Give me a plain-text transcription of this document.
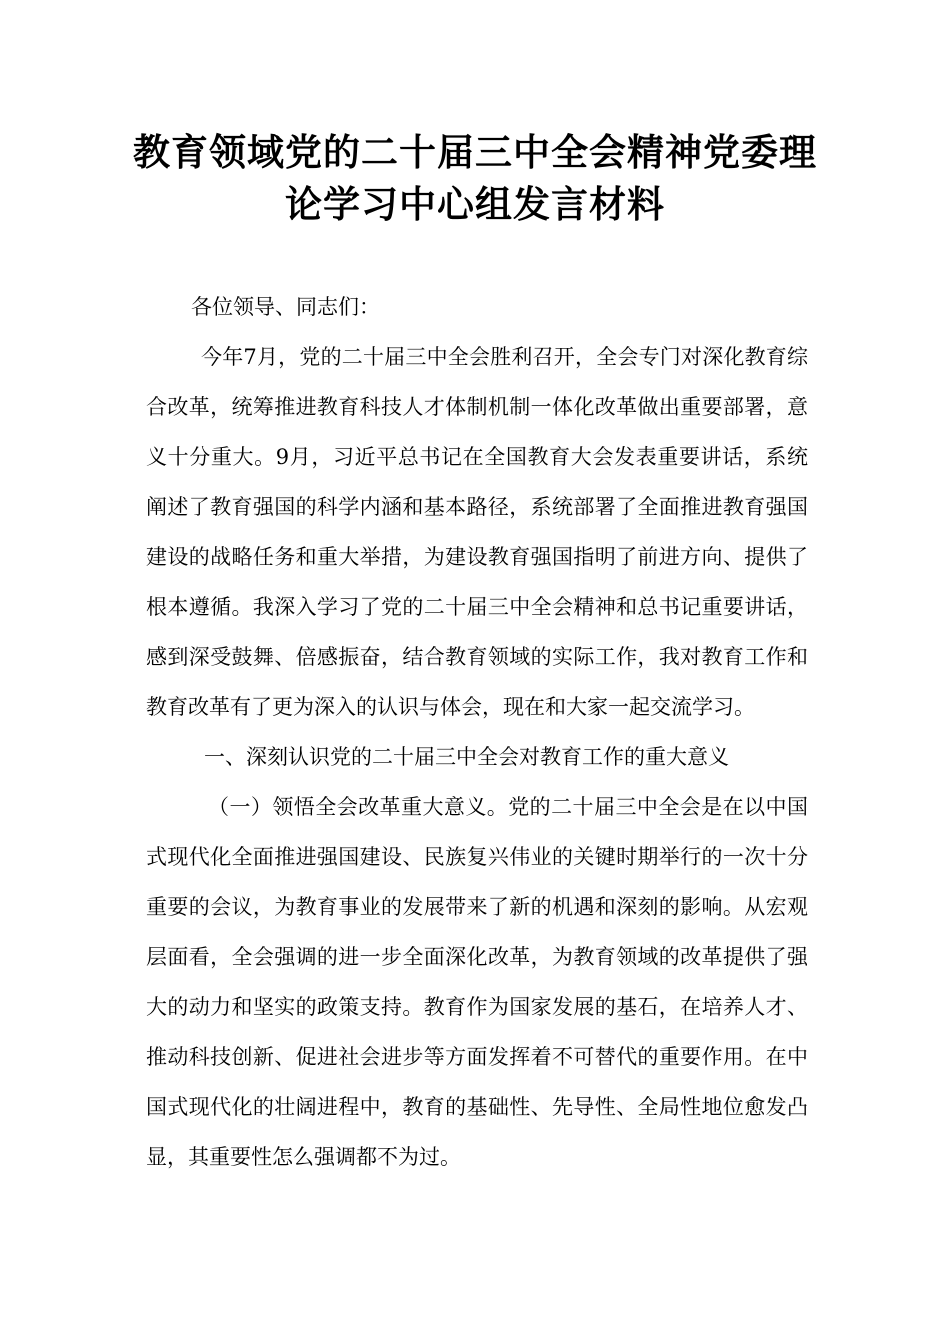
教育领域党的二十届三中全会精神党委理
论学习中心组发言材料

各位领导、同志们：

今年7月，党的二十届三中全会胜利召开，全会专门对深化教育综合改革，统筹推进教育科技人才体制机制一体化改革做出重要部署，意义十分重大。9月，习近平总书记在全国教育大会发表重要讲话，系统阐述了教育强国的科学内涵和基本路径，系统部署了全面推进教育强国建设的战略任务和重大举措，为建设教育强国指明了前进方向、提供了根本遵循。我深入学习了党的二十届三中全会精神和总书记重要讲话，感到深受鼓舞、倍感振奋，结合教育领域的实际工作，我对教育工作和教育改革有了更为深入的认识与体会，现在和大家一起交流学习。

一、深刻认识党的二十届三中全会对教育工作的重大意义

（一）领悟全会改革重大意义。党的二十届三中全会是在以中国式现代化全面推进强国建设、民族复兴伟业的关键时期举行的一次十分重要的会议，为教育事业的发展带来了新的机遇和深刻的影响。从宏观层面看，全会强调的进一步全面深化改革，为教育领域的改革提供了强大的动力和坚实的政策支持。教育作为国家发展的基石，在培养人才、推动科技创新、促进社会进步等方面发挥着不可替代的重要作用。在中国式现代化的壮阔进程中，教育的基础性、先导性、全局性地位愈发凸显，其重要性怎么强调都不为过。
